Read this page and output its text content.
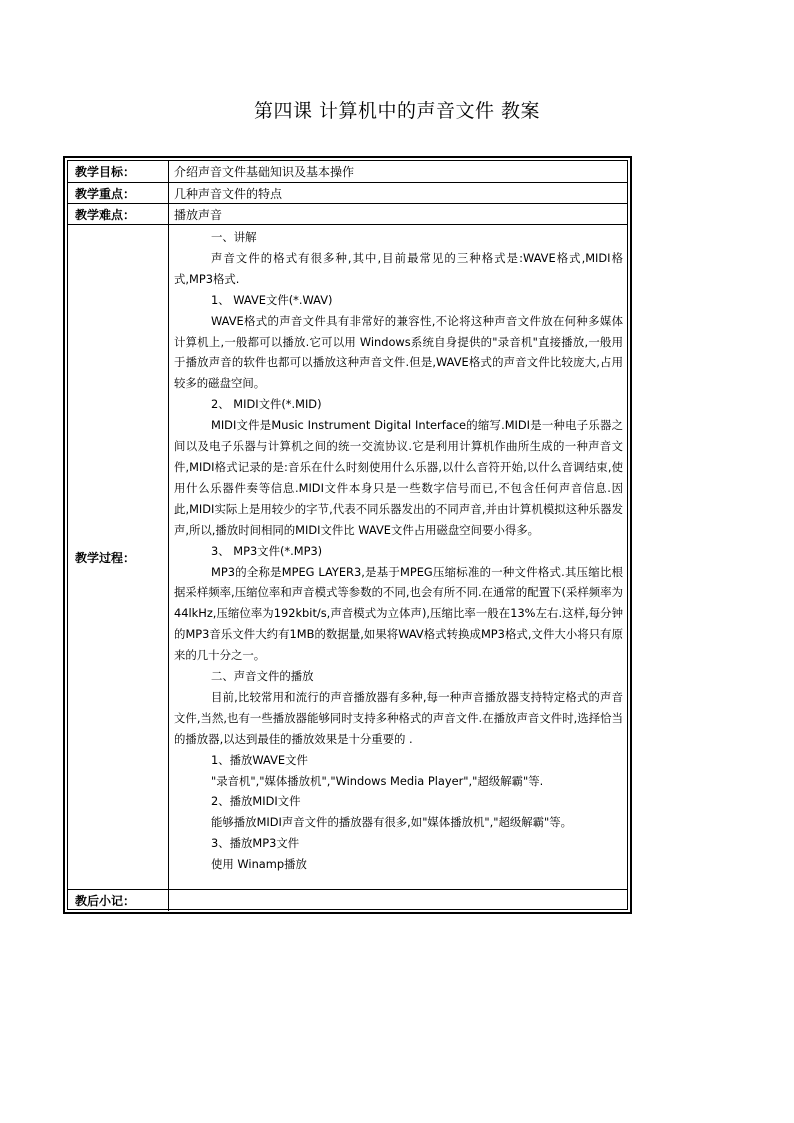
第四课 计算机中的声音文件 教案
教学目标：	介绍声音文件基础知识及基本操作
教学重点：	几种声音文件的特点
教学难点：	播放声音
教学过程：

一、讲解

声音文件的格式有很多种,其中,目前最常见的三种格式是:WAVE格式,MIDI格式,MP3格式.

1、 WAVE文件(*.WAV)

WAVE格式的声音文件具有非常好的兼容性,不论将这种声音文件放在何种多媒体计算机上,一般都可以播放.它可以用 Windows系统自身提供的"录音机"直接播放,一般用于播放声音的软件也都可以播放这种声音文件.但是,WAVE格式的声音文件比较庞大,占用较多的磁盘空间。

2、 MIDI文件(*.MID)

MIDI文件是Music Instrument Digital Interface的缩写.MIDI是一种电子乐器之间以及电子乐器与计算机之间的统一交流协议.它是利用计算机作曲所生成的一种声音文件,MIDI格式记录的是:音乐在什么时刻使用什么乐器,以什么音符开始,以什么音调结束,使用什么乐器件奏等信息.MIDI文件本身只是一些数字信号而已,不包含任何声音信息.因此,MIDI实际上是用较少的字节,代表不同乐器发出的不同声音,并由计算机模拟这种乐器发声,所以,播放时间相同的MIDI文件比 WAVE文件占用磁盘空间要小得多。

3、 MP3文件(*.MP3)

MP3的全称是MPEG LAYER3,是基于MPEG压缩标准的一种文件格式.其压缩比根据采样频率,压缩位率和声音模式等参数的不同,也会有所不同.在通常的配置下(采样频率为44lkHz,压缩位率为192kbit/s,声音模式为立体声),压缩比率一般在13%左右.这样,每分钟的MP3音乐文件大约有1MB的数据量,如果将WAV格式转换成MP3格式,文件大小将只有原来的几十分之一。

二、声音文件的播放

目前,比较常用和流行的声音播放器有多种,每一种声音播放器支持特定格式的声音文件,当然,也有一些播放器能够同时支持多种格式的声音文件.在播放声音文件时,选择恰当的播放器,以达到最佳的播放效果是十分重要的 .

1、播放WAVE文件

"录音机","媒体播放机","Windows Media Player","超级解霸"等.

2、播放MIDI文件

能够播放MIDI声音文件的播放器有很多,如"媒体播放机","超级解霸"等。

3、播放MP3文件

使用 Winamp播放

教后小记：
